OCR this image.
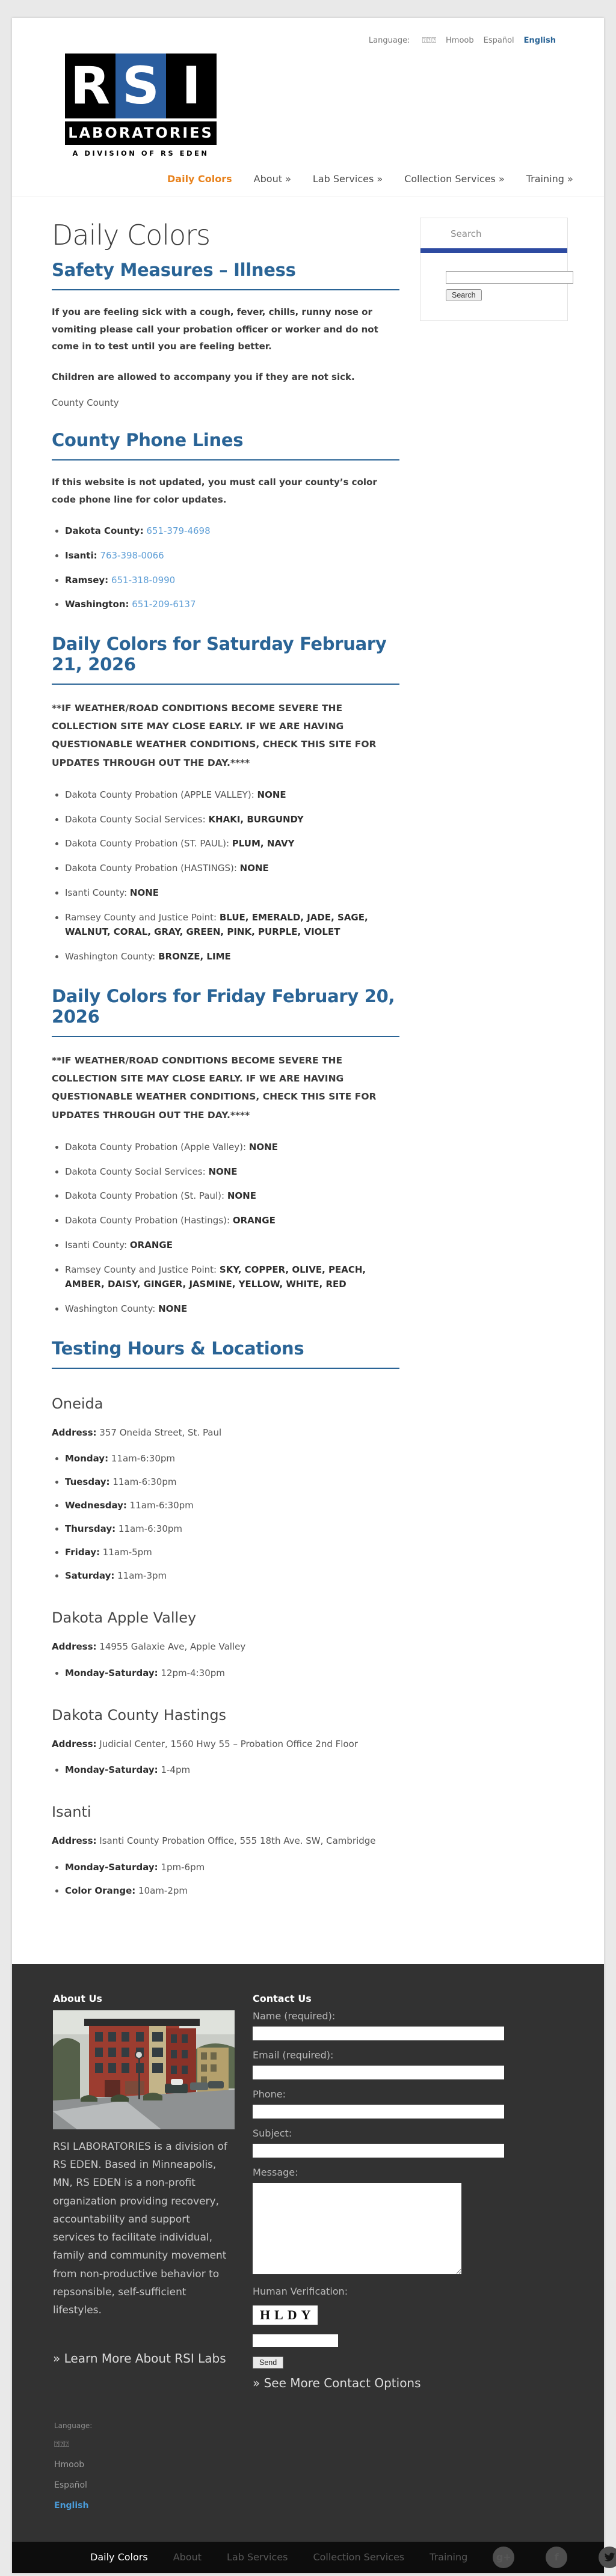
Language: ⍰⍰⍰ Hmoob Español English
R S I
LABORATORIES
A DIVISION OF RS EDEN
Daily Colors About » Lab Services » Collection Services » Training »
Daily Colors
Safety Measures – Illness

If you are feeling sick with a cough, fever, chills, runny nose or vomiting please call your probation officer or worker and do not come in to test until you are feeling better.

Children are allowed to accompany you if they are not sick.

County County

County Phone Lines

If this website is not updated, you must call your county’s color code phone line for color updates.

• Dakota County: 651-379-4698
• Isanti: 763-398-0066
• Ramsey: 651-318-0990
• Washington: 651-209-6137
Daily Colors for Saturday February 21, 2026

**IF WEATHER/ROAD CONDITIONS BECOME SEVERE THE COLLECTION SITE MAY CLOSE EARLY. IF WE ARE HAVING QUESTIONABLE WEATHER CONDITIONS, CHECK THIS SITE FOR UPDATES THROUGH OUT THE DAY.****

• Dakota County Probation (APPLE VALLEY): NONE
• Dakota County Social Services: KHAKI, BURGUNDY
• Dakota County Probation (ST. PAUL): PLUM, NAVY
• Dakota County Probation (HASTINGS): NONE
• Isanti County: NONE
• Ramsey County and Justice Point: BLUE, EMERALD, JADE, SAGE, WALNUT, CORAL, GRAY, GREEN, PINK, PURPLE, VIOLET
• Washington County: BRONZE, LIME
Daily Colors for Friday February 20, 2026

**IF WEATHER/ROAD CONDITIONS BECOME SEVERE THE COLLECTION SITE MAY CLOSE EARLY. IF WE ARE HAVING QUESTIONABLE WEATHER CONDITIONS, CHECK THIS SITE FOR UPDATES THROUGH OUT THE DAY.****

• Dakota County Probation (Apple Valley): NONE
• Dakota County Social Services: NONE
• Dakota County Probation (St. Paul): NONE
• Dakota County Probation (Hastings): ORANGE
• Isanti County: ORANGE
• Ramsey County and Justice Point: SKY, COPPER, OLIVE, PEACH, AMBER, DAISY, GINGER, JASMINE, YELLOW, WHITE, RED
• Washington County: NONE
Testing Hours & Locations
Oneida

Address: 357 Oneida Street, St. Paul

• Monday: 11am-6:30pm
• Tuesday: 11am-6:30pm
• Wednesday: 11am-6:30pm
• Thursday: 11am-6:30pm
• Friday: 11am-5pm
• Saturday: 11am-3pm
Dakota Apple Valley

Address: 14955 Galaxie Ave, Apple Valley

• Monday-Saturday: 12pm-4:30pm
Dakota County Hastings

Address: Judicial Center, 1560 Hwy 55 – Probation Office 2nd Floor

• Monday-Saturday: 1-4pm
Isanti

Address: Isanti County Probation Office, 555 18th Ave. SW, Cambridge

• Monday-Saturday: 1pm-6pm
• Color Orange: 10am-2pm
Search
Search
About Us

RSI LABORATORIES is a division of RS EDEN. Based in Minneapolis, MN, RS EDEN is a non-profit organization providing recovery, accountability and support services to facilitate individual, family and community movement from non-productive behavior to repsonsible, self-sufficient lifestyles.

» Learn More About RSI Labs
Contact Us
Name (required):
Email (required):
Phone:
Subject:
Message:
Human Verification:
HLDY
Send
» See More Contact Options
Language:
⍰⍰⍰
Hmoob
Español
English
Daily Colors	About	Lab Services	Collection Services	Training	g+	f
